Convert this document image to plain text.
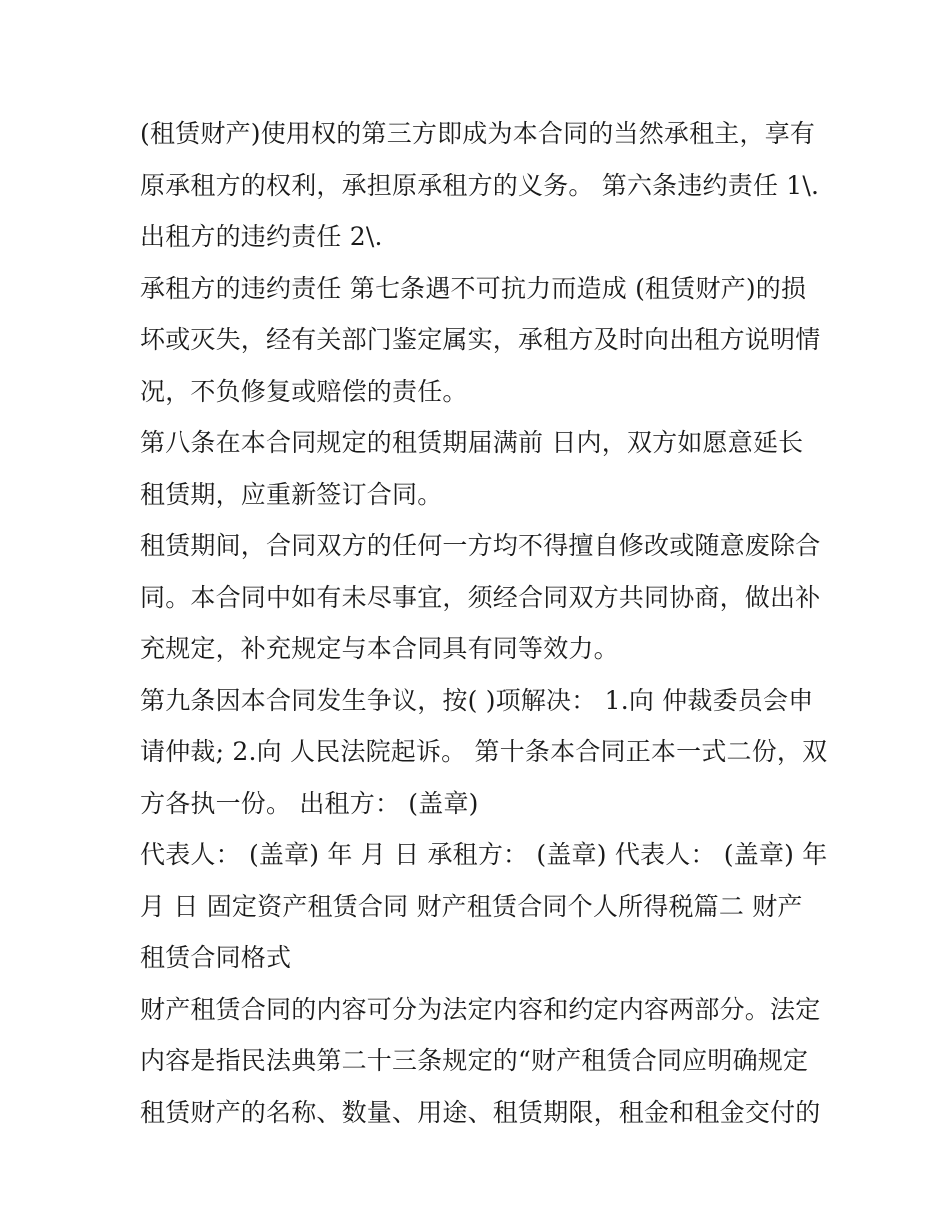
(租赁财产)使用权的第三方即成为本合同的当然承租主，享有
原承租方的权利，承担原承租方的义务。 第六条违约责任 1\.
出租方的违约责任 2\.
承租方的违约责任 第七条遇不可抗力而造成 (租赁财产)的损
坏或灭失，经有关部门鉴定属实，承租方及时向出租方说明情
况，不负修复或赔偿的责任。
第八条在本合同规定的租赁期届满前 日内，双方如愿意延长
租赁期，应重新签订合同。
租赁期间，合同双方的任何一方均不得擅自修改或随意废除合
同。本合同中如有未尽事宜，须经合同双方共同协商，做出补
充规定，补充规定与本合同具有同等效力。
第九条因本合同发生争议，按( )项解决： 1.向 仲裁委员会申
请仲裁; 2.向 人民法院起诉。 第十条本合同正本一式二份，双
方各执一份。 出租方： (盖章)
代表人： (盖章) 年 月 日 承租方： (盖章) 代表人： (盖章) 年
月 日 固定资产租赁合同 财产租赁合同个人所得税篇二 财产
租赁合同格式
财产租赁合同的内容可分为法定内容和约定内容两部分。法定
内容是指民法典第二十三条规定的“财产租赁合同应明确规定
租赁财产的名称、数量、用途、租赁期限，租金和租金交付的
